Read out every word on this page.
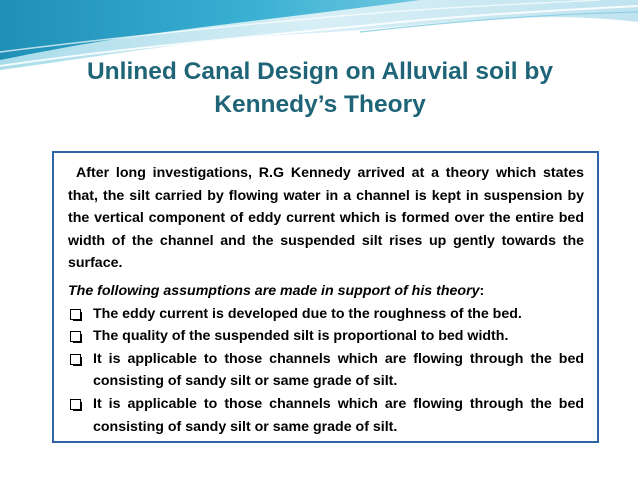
Unlined Canal Design on Alluvial soil by
Kennedy’s Theory

After long investigations, R.G Kennedy arrived at a theory which states that, the silt carried by flowing water in a channel is kept in suspension by the vertical component of eddy current which is formed over the entire bed width of the channel and the suspended silt rises up gently towards the surface.

The following assumptions are made in support of his theory:

The eddy current is developed due to the roughness of the bed.
The quality of the suspended silt is proportional to bed width.
It is applicable to those channels which are flowing through the bed consisting of sandy silt or same grade of silt.
It is applicable to those channels which are flowing through the bed consisting of sandy silt or same grade of silt.
